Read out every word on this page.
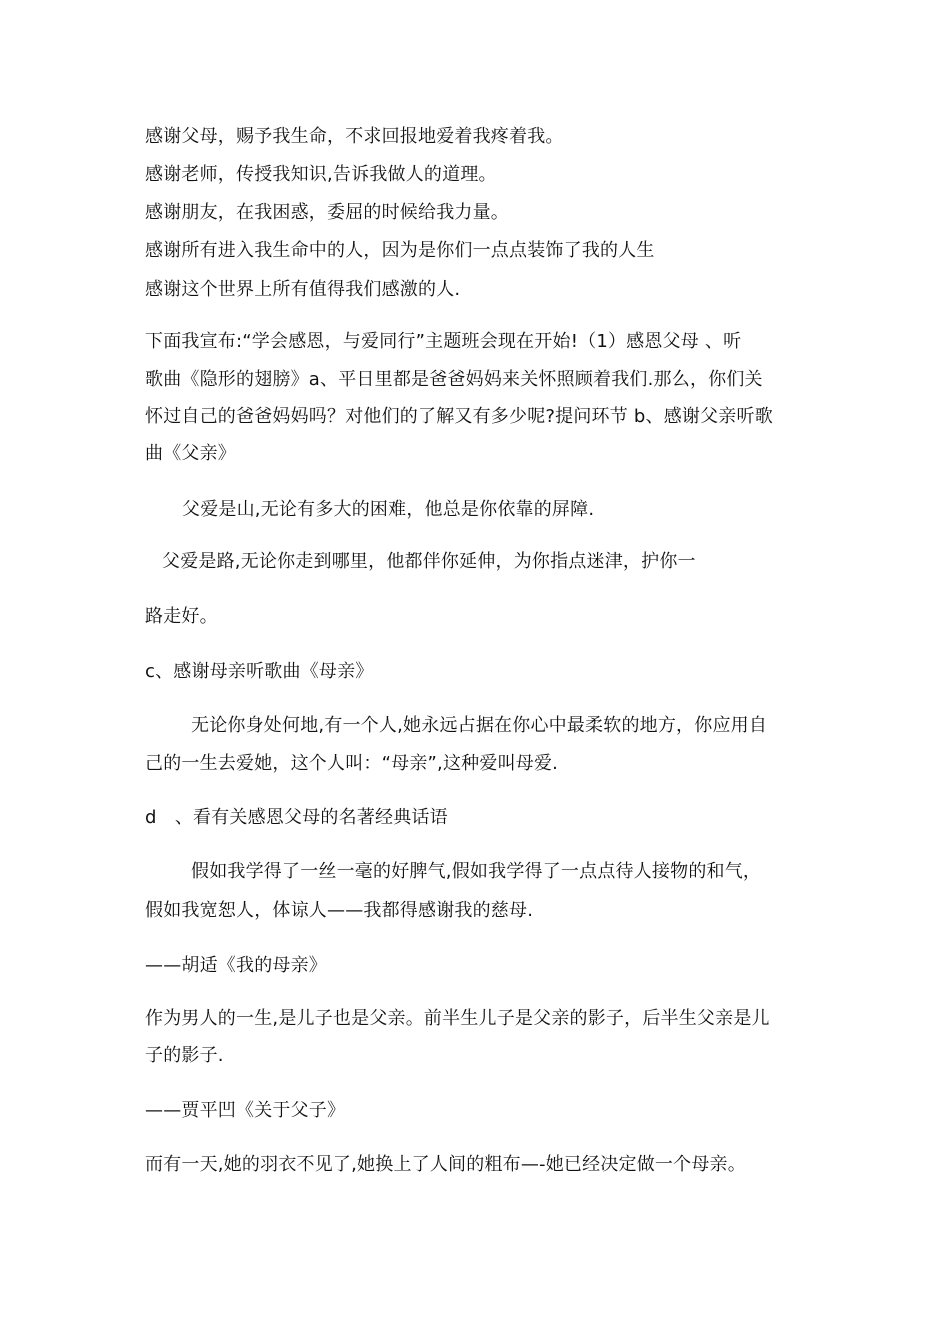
感谢父母，赐予我生命，不求回报地爱着我疼着我。
感谢老师，传授我知识,告诉我做人的道理。
感谢朋友，在我困惑，委屈的时候给我力量。
感谢所有进入我生命中的人，因为是你们一点点装饰了我的人生
感谢这个世界上所有值得我们感激的人.
下面我宣布:“学会感恩，与爱同行”主题班会现在开始!（1）感恩父母 、听
歌曲《隐形的翅膀》a、平日里都是爸爸妈妈来关怀照顾着我们.那么，你们关
怀过自己的爸爸妈妈吗？对他们的了解又有多少呢?提问环节 b、感谢父亲听歌
曲《父亲》
父爱是山,无论有多大的困难，他总是你依靠的屏障.
父爱是路,无论你走到哪里，他都伴你延伸，为你指点迷津，护你一
路走好。
c、感谢母亲听歌曲《母亲》
无论你身处何地,有一个人,她永远占据在你心中最柔软的地方，你应用自
己的一生去爱她，这个人叫：“母亲”,这种爱叫母爱.
d　、看有关感恩父母的名著经典话语
假如我学得了一丝一毫的好脾气,假如我学得了一点点待人接物的和气，
假如我宽恕人，体谅人——我都得感谢我的慈母.
——胡适《我的母亲》
作为男人的一生,是儿子也是父亲。前半生儿子是父亲的影子，后半生父亲是儿
子的影子.
——贾平凹《关于父子》
而有一天,她的羽衣不见了,她换上了人间的粗布—-她已经决定做一个母亲。
